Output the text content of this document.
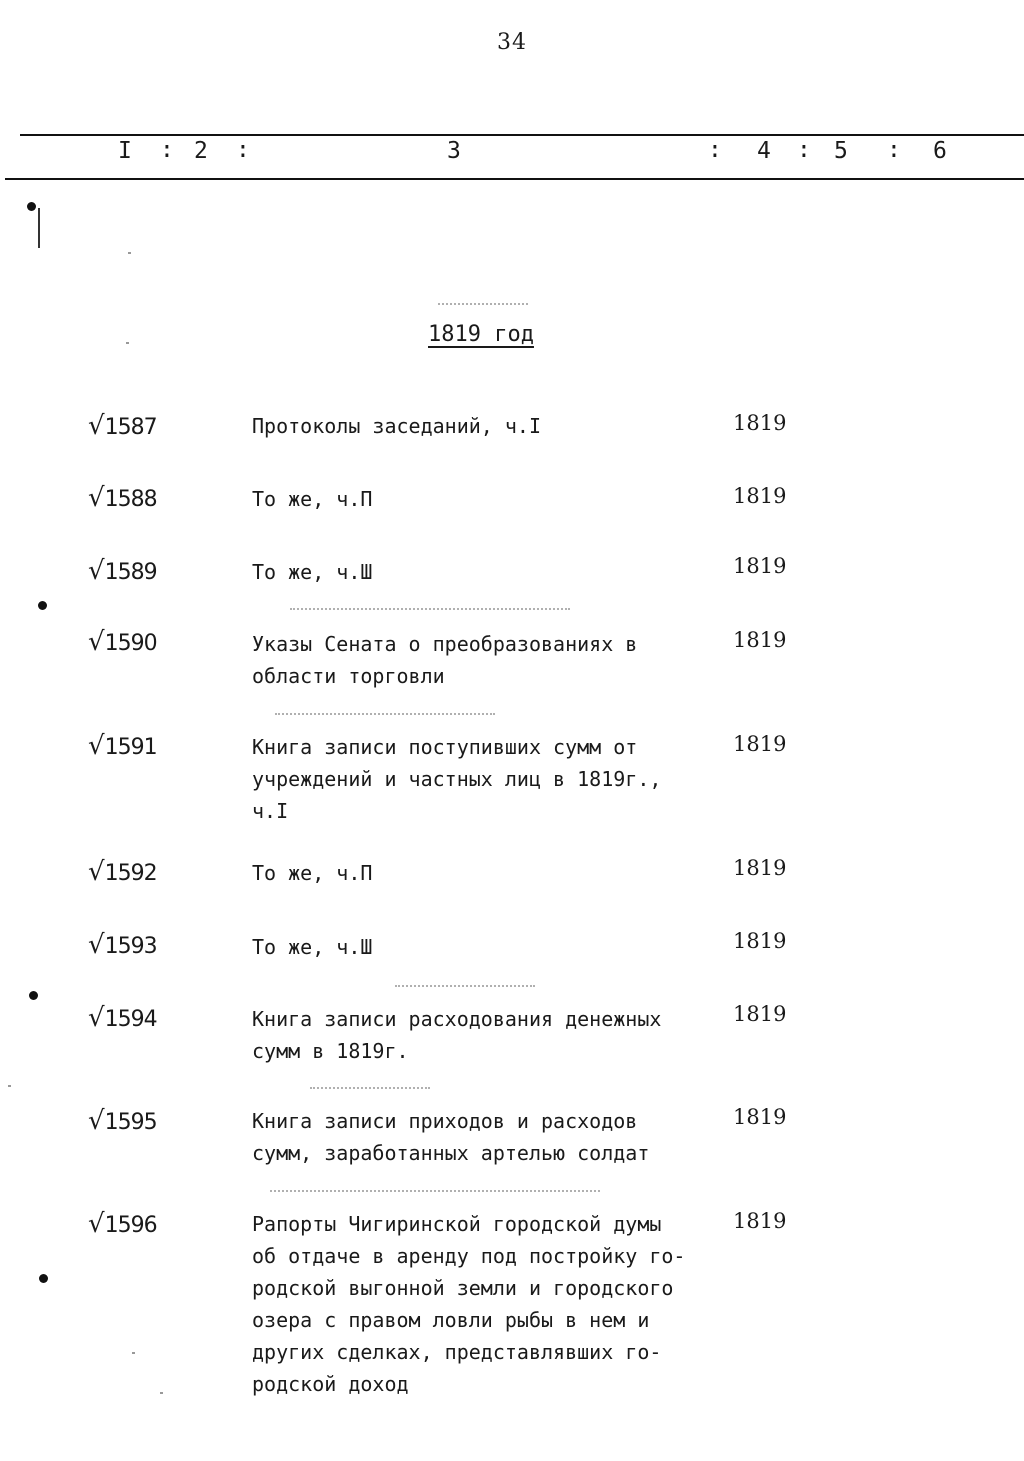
34
I : 2 :	3	: 4 : 5 : 6
1819 год
√1587	Протоколы заседаний, ч.I	1819
√1588	То же, ч.П	1819
√1589	То же, ч.Ш	1819
√1590	Указы Сената о преобразованиях в
области торговли
1819
√1591	Книга записи поступивших сумм от
учреждений и частных лиц в 1819г.,
ч.I
1819
√1592	То же, ч.П	1819
√1593	То же, ч.Ш	1819
√1594	Книга записи расходования денежных
сумм в 1819г.
1819
√1595	Книга записи приходов и расходов
сумм, заработанных артелью солдат
1819
√1596	Рапорты Чигиринской городской думы
об отдаче в аренду под постройку го-
родской выгонной земли и городского
озера с правом ловли рыбы в нем и
других сделках, представлявших го-
родской доход
1819
